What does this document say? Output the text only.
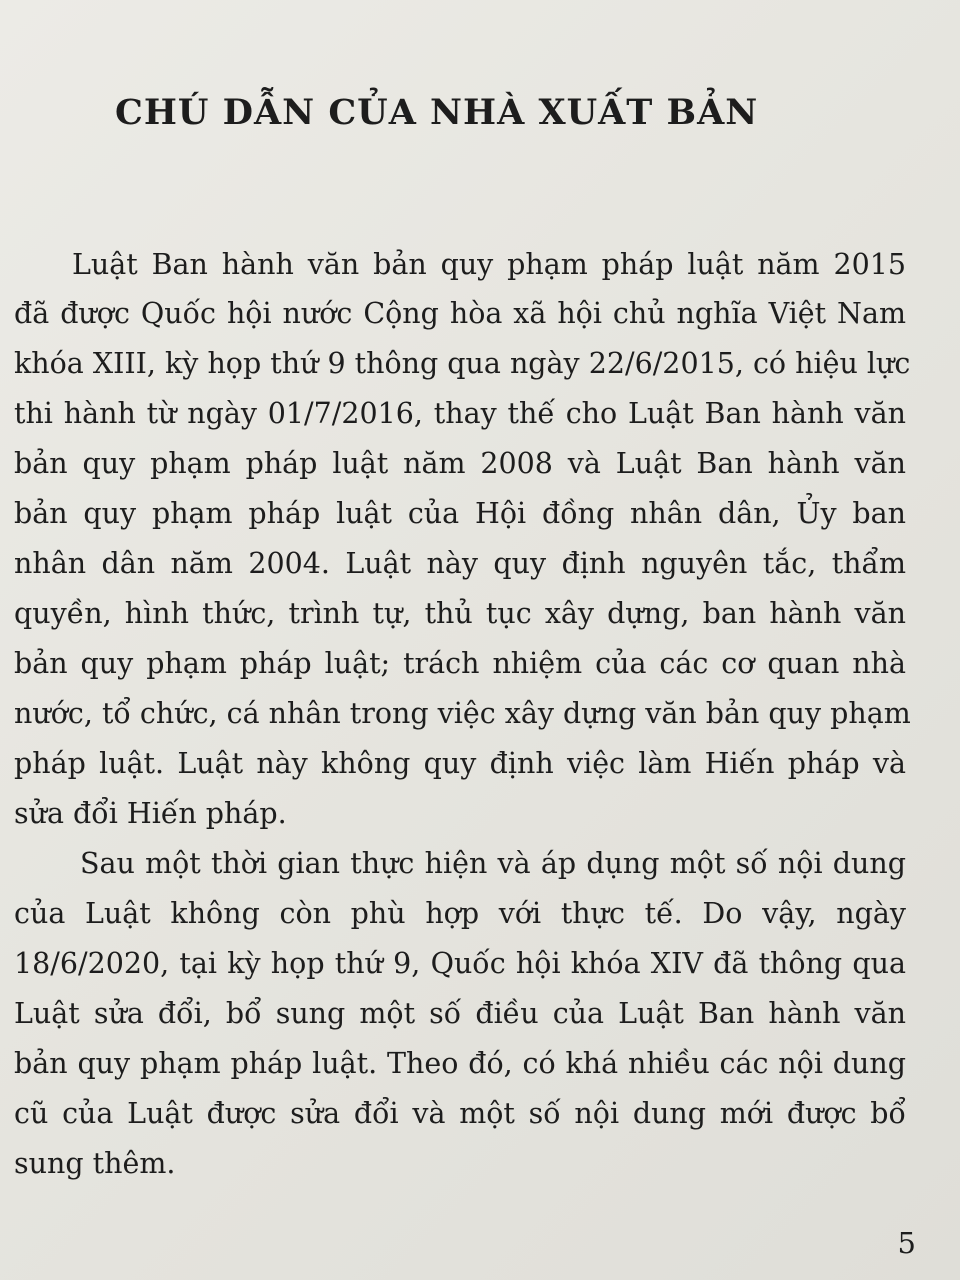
CHÚ DẪN CỦA NHÀ XUẤT BẢN
Luật Ban hành văn bản quy phạm pháp luật năm 2015
đã được Quốc hội nước Cộng hòa xã hội chủ nghĩa Việt Nam
khóa XIII, kỳ họp thứ 9 thông qua ngày 22/6/2015, có hiệu lực
thi hành từ ngày 01/7/2016, thay thế cho Luật Ban hành văn
bản quy phạm pháp luật năm 2008 và Luật Ban hành văn
bản quy phạm pháp luật của Hội đồng nhân dân, Ủy ban
nhân dân năm 2004. Luật này quy định nguyên tắc, thẩm
quyền, hình thức, trình tự, thủ tục xây dựng, ban hành văn
bản quy phạm pháp luật; trách nhiệm của các cơ quan nhà
nước, tổ chức, cá nhân trong việc xây dựng văn bản quy phạm
pháp luật. Luật này không quy định việc làm Hiến pháp và
sửa đổi Hiến pháp.
Sau một thời gian thực hiện và áp dụng một số nội dung
của Luật không còn phù hợp với thực tế. Do vậy, ngày
18/6/2020, tại kỳ họp thứ 9, Quốc hội khóa XIV đã thông qua
Luật sửa đổi, bổ sung một số điều của Luật Ban hành văn
bản quy phạm pháp luật. Theo đó, có khá nhiều các nội dung
cũ của Luật được sửa đổi và một số nội dung mới được bổ
sung thêm.
5
